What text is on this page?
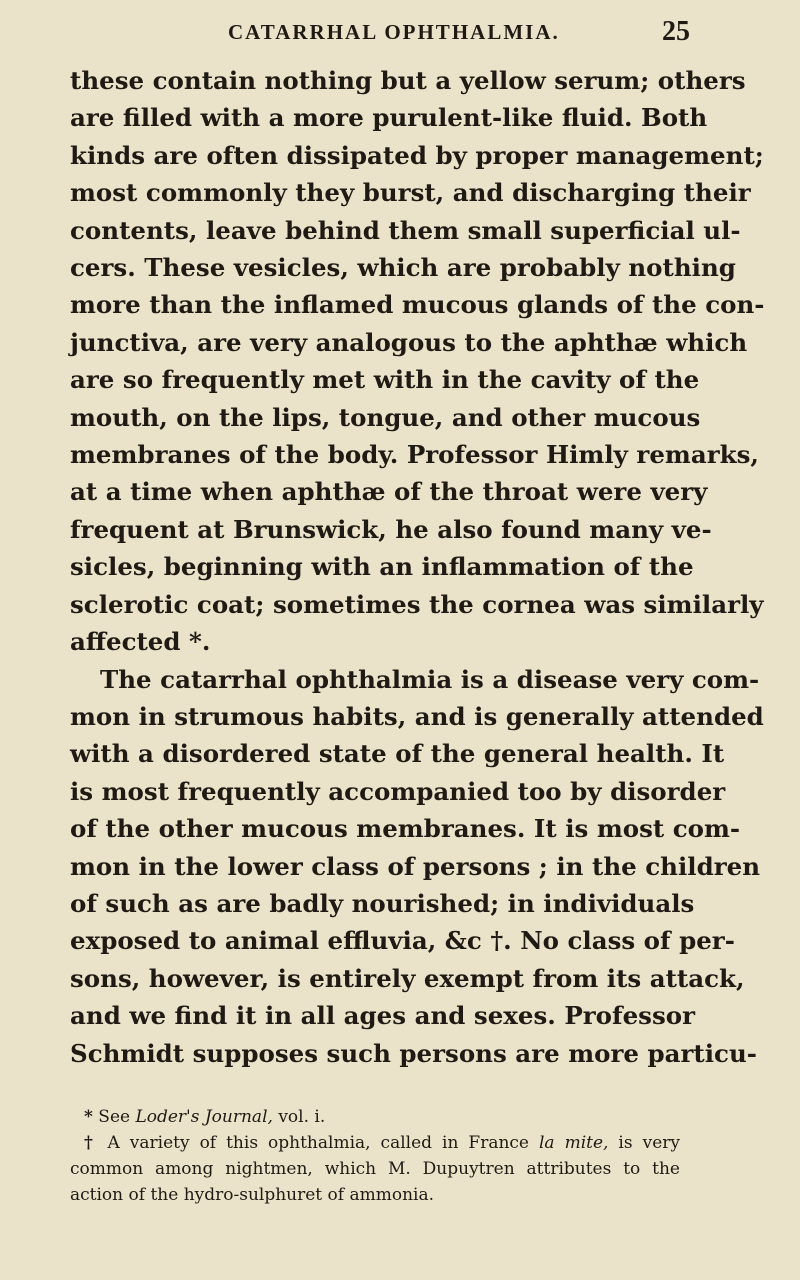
CATARRHAL OPHTHALMIA.	25
these contain nothing but a yellow serum; others
are filled with a more purulent-like fluid. Both
kinds are often dissipated by proper management;
most commonly they burst, and discharging their
contents, leave behind them small superficial ul-
cers. These vesicles, which are probably nothing
more than the inflamed mucous glands of the con-
junctiva, are very analogous to the aphthæ which
are so frequently met with in the cavity of the
mouth, on the lips, tongue, and other mucous
membranes of the body. Professor Himly remarks,
at a time when aphthæ of the throat were very
frequent at Brunswick, he also found many ve-
sicles, beginning with an inflammation of the
sclerotic coat; sometimes the cornea was similarly
affected *.
The catarrhal ophthalmia is a disease very com-
mon in strumous habits, and is generally attended
with a disordered state of the general health. It
is most frequently accompanied too by disorder
of the other mucous membranes. It is most com-
mon in the lower class of persons ; in the children
of such as are badly nourished; in individuals
exposed to animal effluvia, &c †. No class of per-
sons, however, is entirely exempt from its attack,
and we find it in all ages and sexes. Professor
Schmidt supposes such persons are more particu-
* See Loder's Journal, vol. i.
† A variety of this ophthalmia, called in France la mite, is very
common among nightmen, which M. Dupuytren attributes to the
action of the hydro-sulphuret of ammonia.
